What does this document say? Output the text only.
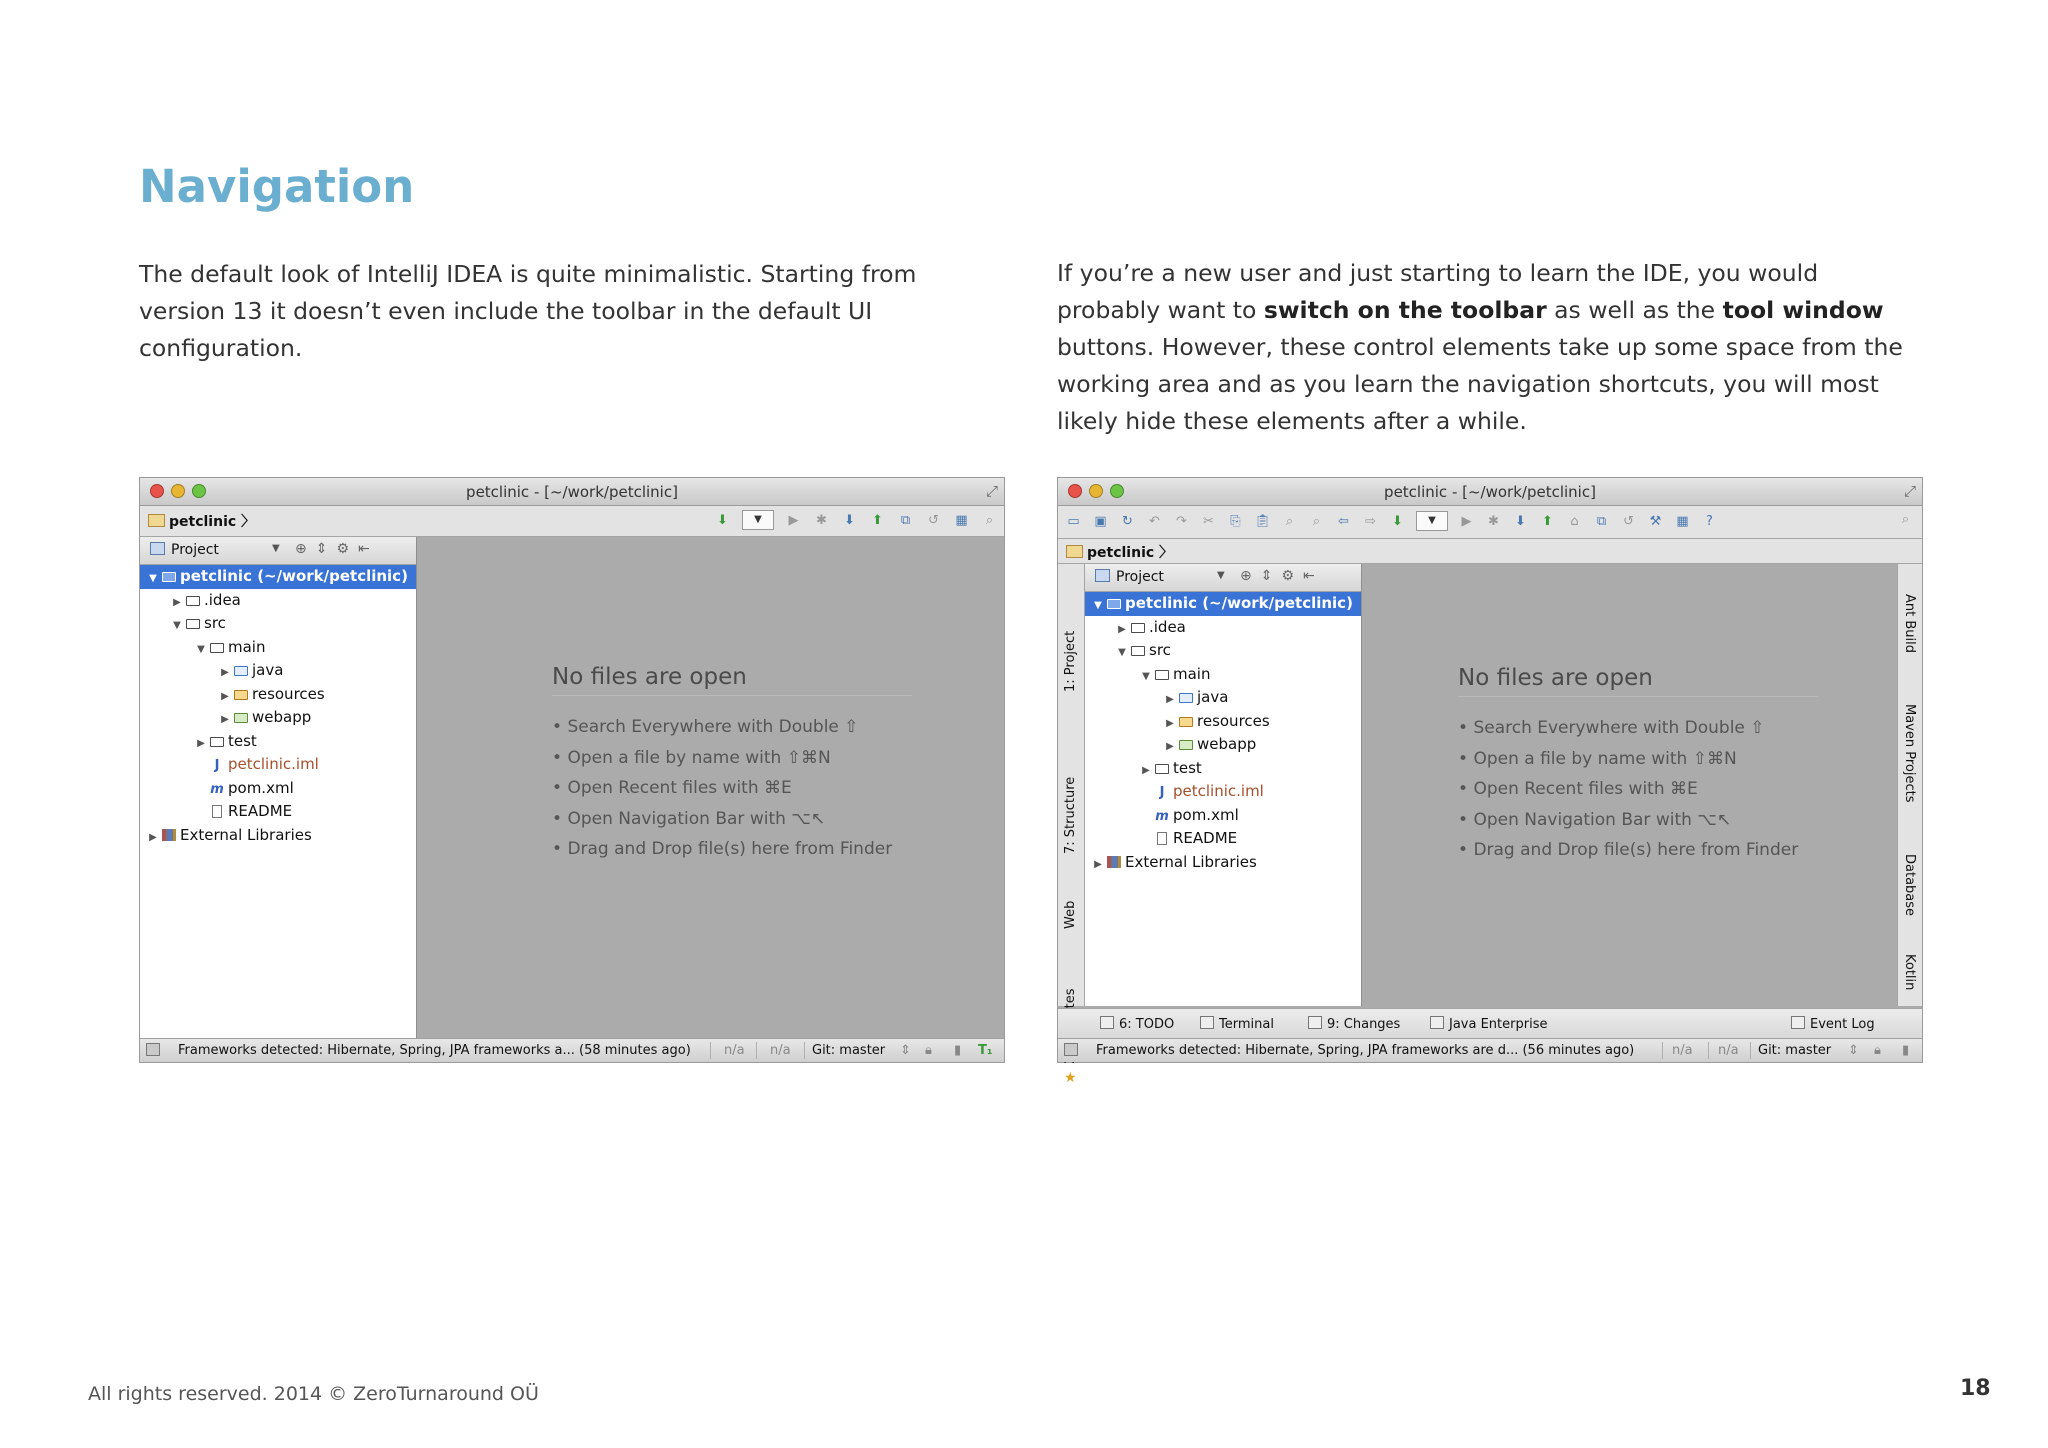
Navigation

The default look of IntelliJ IDEA is quite minimalistic. Starting from version 13 it doesn’t even include the toolbar in the default UI configuration.

If you’re a new user and just starting to learn the IDE, you would probably want to switch on the toolbar as well as the tool window buttons. However, these control elements take up some space from the working area and as you learn the navigation shortcuts, you will most likely hide these elements after a while.

petclinic - [~/work/petclinic]	⤢
petclinic 〉	⬇	▼	▶ ✱ ⬇ ⬆ ⧉ ↺ ▦	⌕
Project	▼ ⊕ ⇕ ⚙ ⇤
▼ petclinic (~/work/petclinic)
▶ .idea
▼ src
▼ main
▶ java
▶ resources
▶ webapp
▶ test
J petclinic.iml
m pom.xml
README
▶ External Libraries
No files are open
• Search Everywhere with Double ⇧
• Open a file by name with ⇧⌘N
• Open Recent files with ⌘E
• Open Navigation Bar with ⌥↖
• Drag and Drop file(s) here from Finder
Frameworks detected: Hibernate, Spring, JPA frameworks a... (58 minutes ago)	n/a n/a Git: master ⇕ 🔒︎ ▮ T₁
petclinic - [~/work/petclinic]	⤢
▭ ▣ ↻ ↶ ↷ ✂ ⎘ 📋︎	⌕	⌕	⇦ ⇨ ⬇	▼	▶ ✱ ⬇ ⬆	⌂	⧉ ↺ ⚒ ▦	?	⌕
petclinic 〉
1: Project
7: Structure
Web
★
Ant Build
Maven Projects
Database
Kotlin
Project	▼ ⊕ ⇕ ⚙ ⇤
▼ petclinic (~/work/petclinic)
▶ .idea
▼ src
▼ main
▶ java
▶ resources
▶ webapp
▶ test
J petclinic.iml
m pom.xml
README
▶ External Libraries
No files are open
• Search Everywhere with Double ⇧
• Open a file by name with ⇧⌘N
• Open Recent files with ⌘E
• Open Navigation Bar with ⌥↖
• Drag and Drop file(s) here from Finder
6: TODO	Terminal	9: Changes	Java Enterprise	Event Log
Frameworks detected: Hibernate, Spring, JPA frameworks are d... (56 minutes ago)	n/a n/a Git: master ⇕ 🔒︎ ▮
All rights reserved. 2014 © ZeroTurnaround OÜ	18
